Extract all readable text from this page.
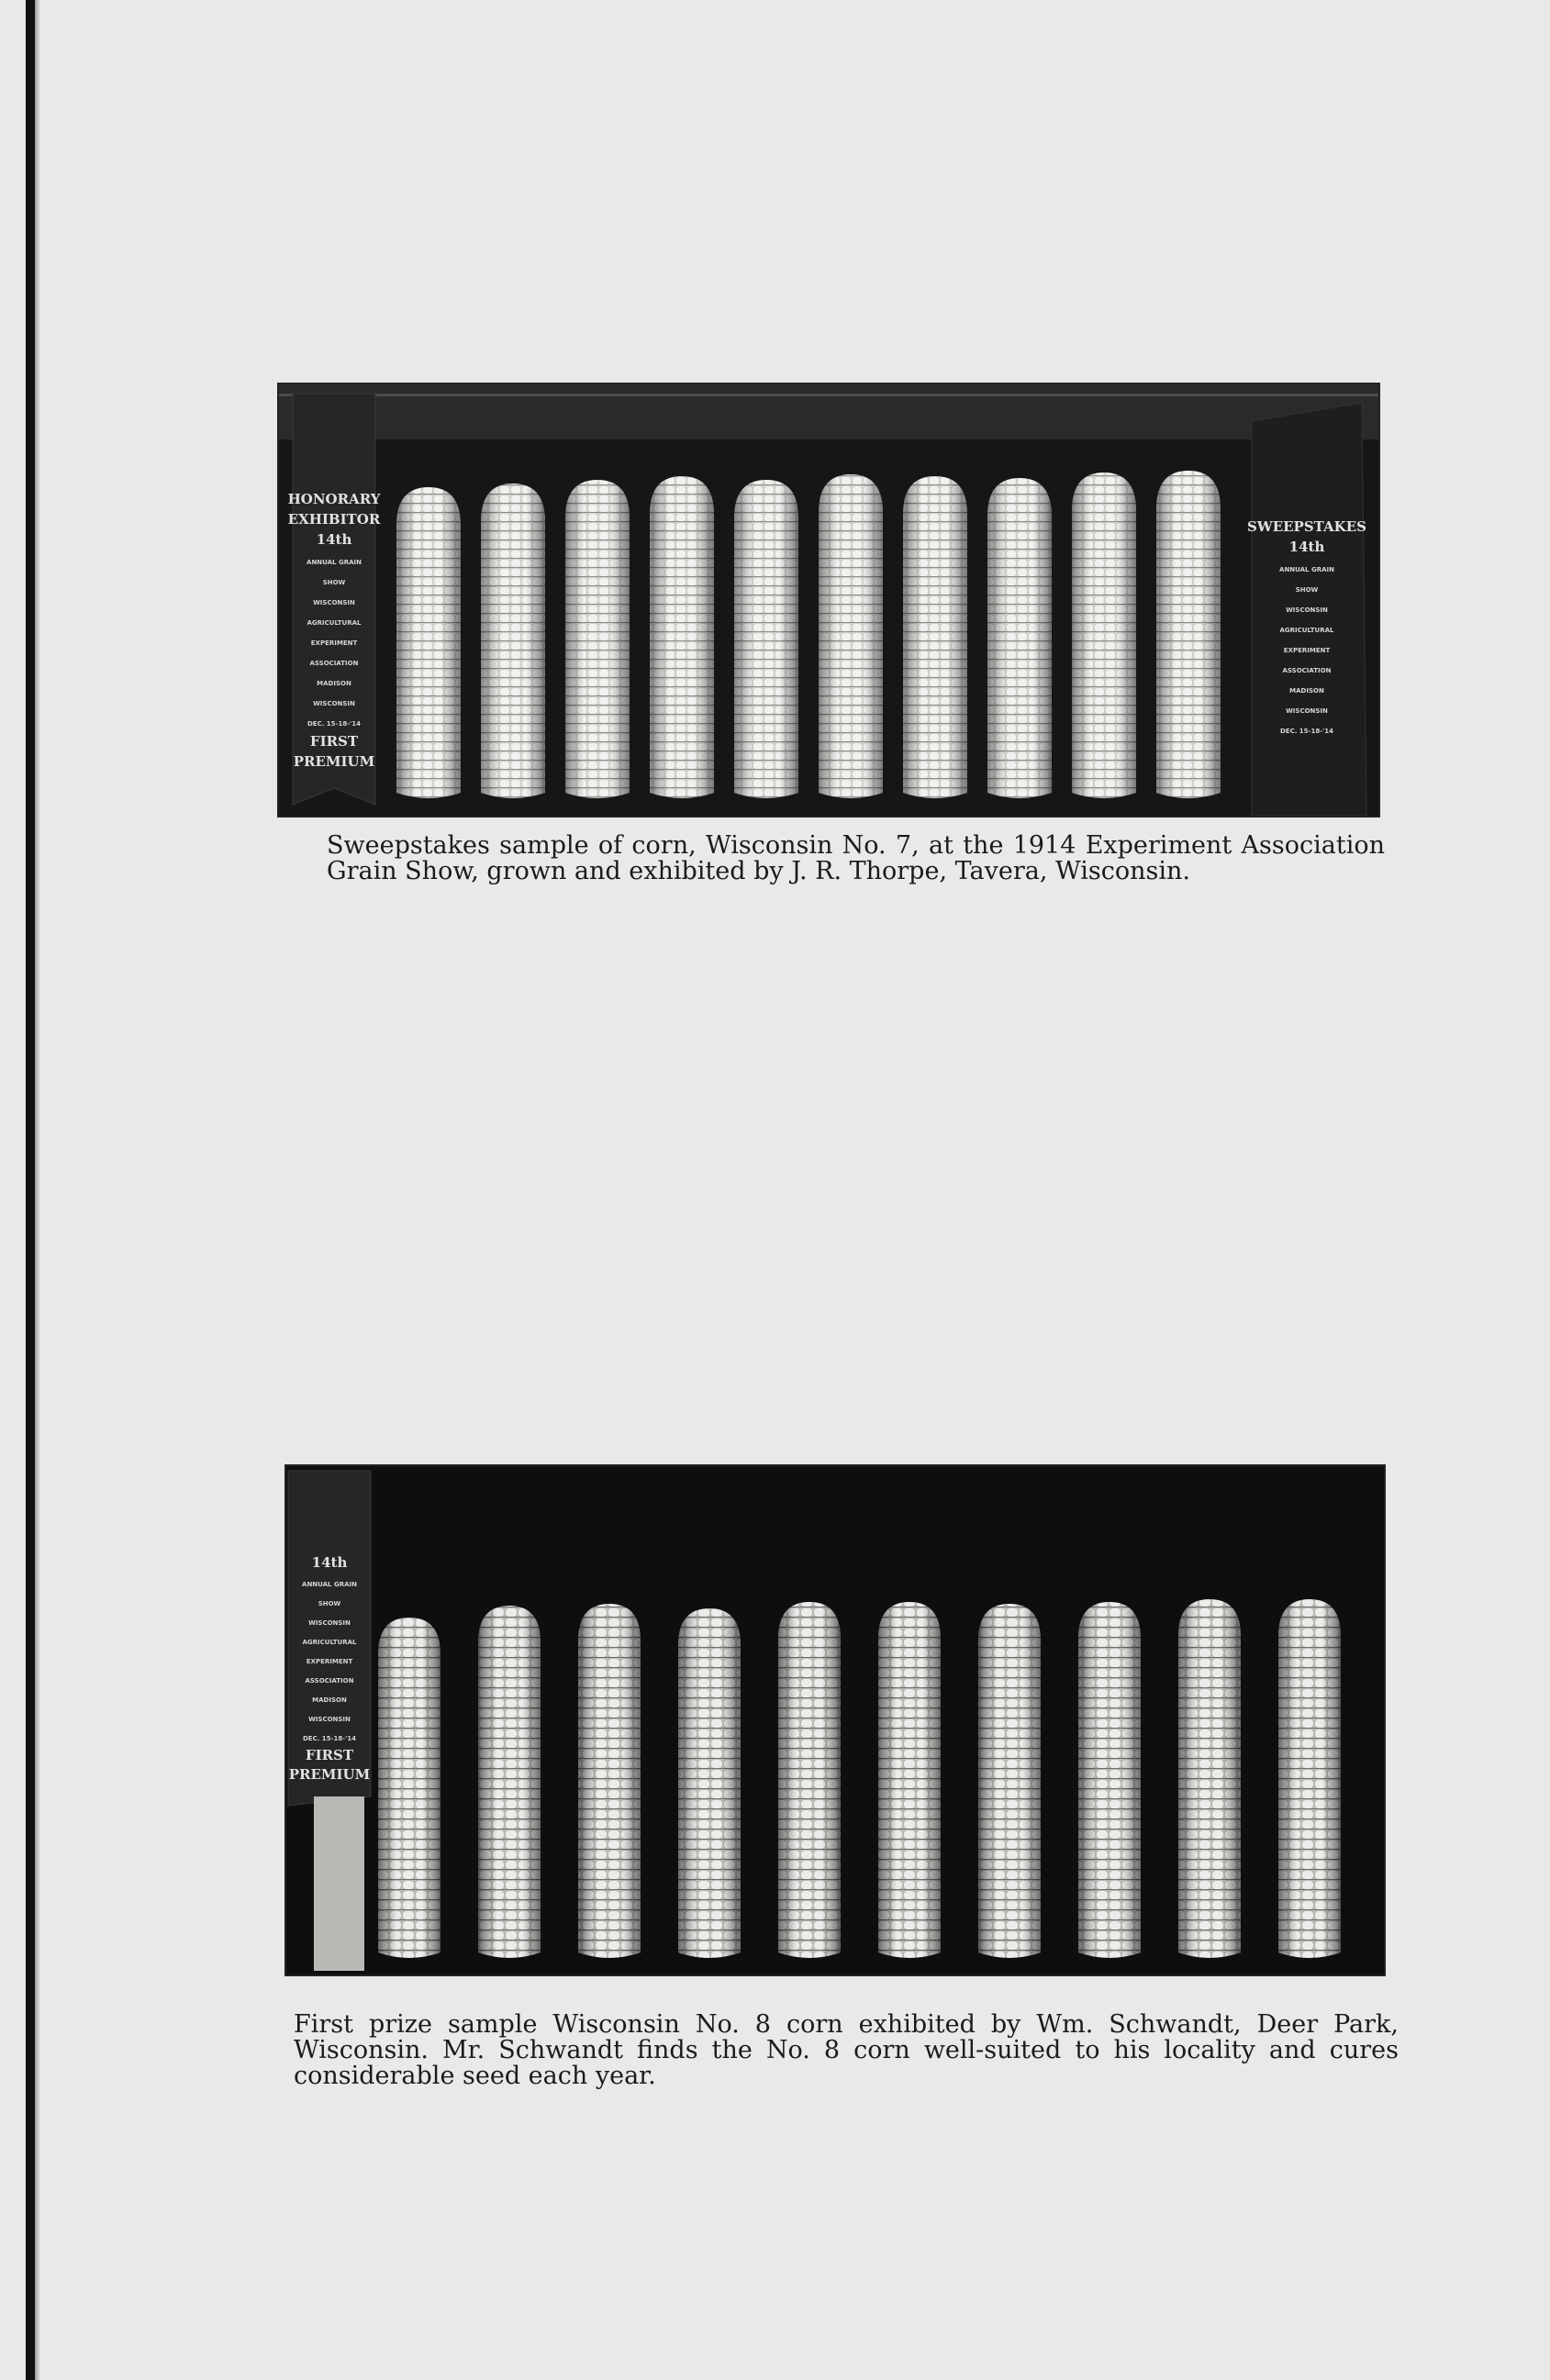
HONORARY
EXHIBITOR
14th
ANNUAL GRAIN
SHOW
WISCONSIN
AGRICULTURAL
EXPERIMENT
ASSOCIATION
MADISON
WISCONSIN
DEC. 15-18-'14
FIRST
PREMIUM
SWEEPSTAKES
14th
ANNUAL GRAIN
SHOW
WISCONSIN
AGRICULTURAL
EXPERIMENT
ASSOCIATION
MADISON
WISCONSIN
DEC. 15-18-'14

Sweepstakes sample of corn, Wisconsin No. 7, at the 1914 Experiment Association Grain Show, grown and exhibited by J. R. Thorpe, Tavera, Wisconsin.

14th
ANNUAL GRAIN
SHOW
WISCONSIN
AGRICULTURAL
EXPERIMENT
ASSOCIATION
MADISON
WISCONSIN
DEC. 15-18-'14
FIRST
PREMIUM

First prize sample Wisconsin No. 8 corn exhibited by Wm. Schwandt, Deer Park, Wisconsin. Mr. Schwandt finds the No. 8 corn well-suited to his locality and cures considerable seed each year.
